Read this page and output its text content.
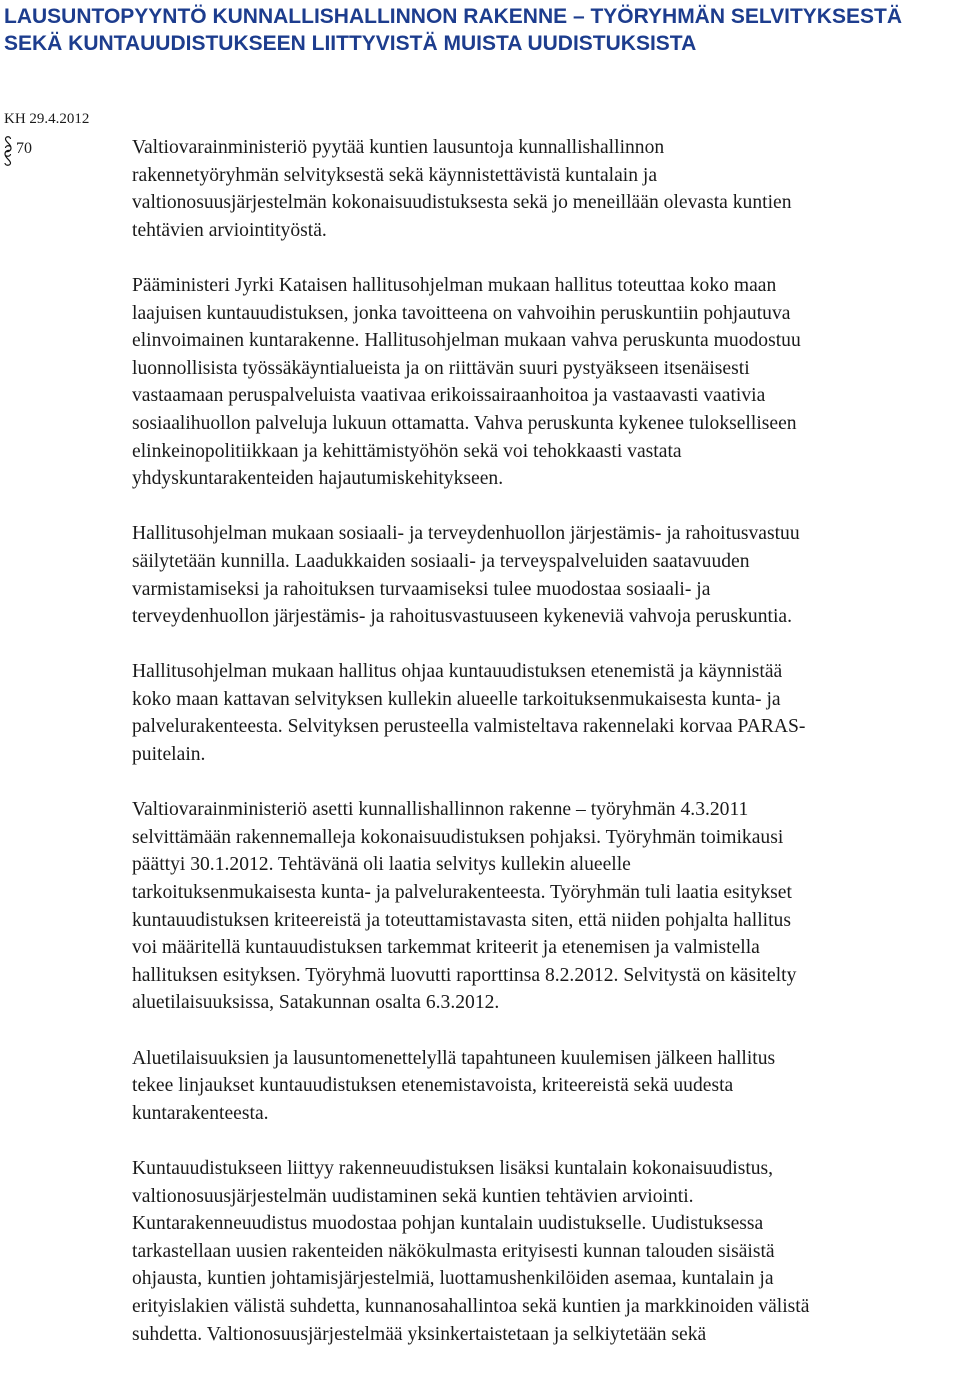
LAUSUNTOPYYNTÖ KUNNALLISHALLINNON RAKENNE – TYÖRYHMÄN SELVITYKSESTÄ SEKÄ KUNTAUUDISTUKSEEN LIITTYVISTÄ MUISTA UUDISTUKSISTA
KH 29.4.2012
70	Valtiovarainministeriö pyytää kuntien lausuntoja kunnallishallinnon
rakennetyöryhmän selvityksestä sekä käynnistettävistä kuntalain ja
valtionosuusjärjestelmän kokonaisuudistuksesta sekä jo meneillään olevasta kuntien
tehtävien arviointityöstä.

Pääministeri Jyrki Kataisen hallitusohjelman mukaan hallitus toteuttaa koko maan
laajuisen kuntauudistuksen, jonka tavoitteena on vahvoihin peruskuntiin pohjautuva
elinvoimainen kuntarakenne. Hallitusohjelman mukaan vahva peruskunta muodostuu
luonnollisista työssäkäyntialueista ja on riittävän suuri pystyäkseen itsenäisesti
vastaamaan peruspalveluista vaativaa erikoissairaanhoitoa ja vastaavasti vaativia
sosiaalihuollon palveluja lukuun ottamatta. Vahva peruskunta kykenee tulokselliseen
elinkeinopolitiikkaan ja kehittämistyöhön sekä voi tehokkaasti vastata
yhdyskuntarakenteiden hajautumiskehitykseen.

Hallitusohjelman mukaan sosiaali- ja terveydenhuollon järjestämis- ja rahoitusvastuu
säilytetään kunnilla. Laadukkaiden sosiaali- ja terveyspalveluiden saatavuuden
varmistamiseksi ja rahoituksen turvaamiseksi tulee muodostaa sosiaali- ja
terveydenhuollon järjestämis- ja rahoitusvastuuseen kykeneviä vahvoja peruskuntia.

Hallitusohjelman mukaan hallitus ohjaa kuntauudistuksen etenemistä ja käynnistää
koko maan kattavan selvityksen kullekin alueelle tarkoituksenmukaisesta kunta- ja
palvelurakenteesta. Selvityksen perusteella valmisteltava rakennelaki korvaa PARAS-
puitelain.

Valtiovarainministeriö asetti kunnallishallinnon rakenne – työryhmän 4.3.2011
selvittämään rakennemalleja kokonaisuudistuksen pohjaksi. Työryhmän toimikausi
päättyi 30.1.2012. Tehtävänä oli laatia selvitys kullekin alueelle
tarkoituksenmukaisesta kunta- ja palvelurakenteesta. Työryhmän tuli laatia esitykset
kuntauudistuksen kriteereistä ja toteuttamistavasta siten, että niiden pohjalta hallitus
voi määritellä kuntauudistuksen tarkemmat kriteerit ja etenemisen ja valmistella
hallituksen esityksen. Työryhmä luovutti raporttinsa 8.2.2012. Selvitystä on käsitelty
aluetilaisuuksissa, Satakunnan osalta 6.3.2012.

Aluetilaisuuksien ja lausuntomenettelyllä tapahtuneen kuulemisen jälkeen hallitus
tekee linjaukset kuntauudistuksen etenemistavoista, kriteereistä sekä uudesta
kuntarakenteesta.

Kuntauudistukseen liittyy rakenneuudistuksen lisäksi kuntalain kokonaisuudistus,
valtionosuusjärjestelmän uudistaminen sekä kuntien tehtävien arviointi.
Kuntarakenneuudistus muodostaa pohjan kuntalain uudistukselle. Uudistuksessa
tarkastellaan uusien rakenteiden näkökulmasta erityisesti kunnan talouden sisäistä
ohjausta, kuntien johtamisjärjestelmiä, luottamushenkilöiden asemaa, kuntalain ja
erityislakien välistä suhdetta, kunnanosahallintoa sekä kuntien ja markkinoiden välistä
suhdetta. Valtionosuusjärjestelmää yksinkertaistetaan ja selkiytetään sekä
